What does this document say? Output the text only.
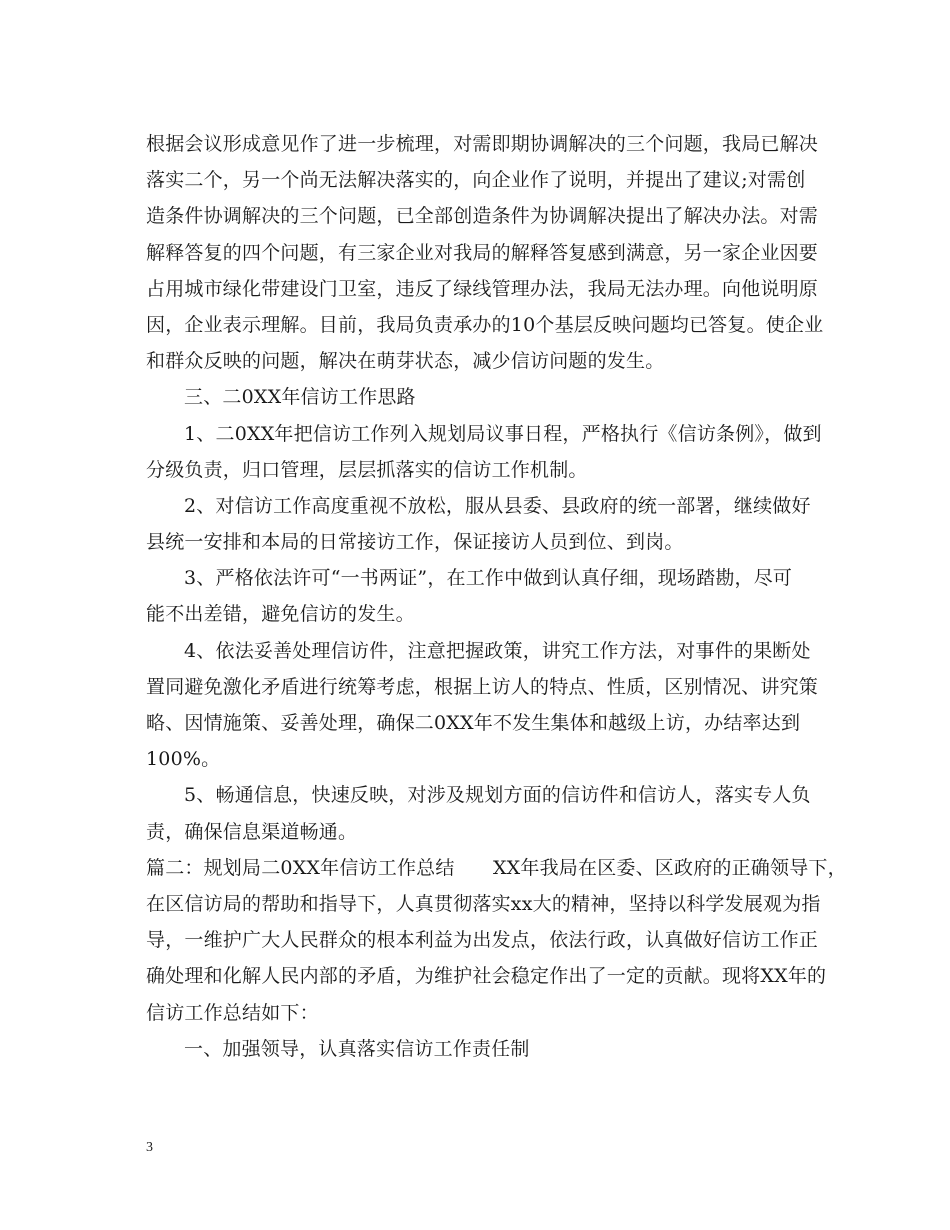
根据会议形成意见作了进一步梳理，对需即期协调解决的三个问题，我局已解决
落实二个，另一个尚无法解决落实的，向企业作了说明，并提出了建议;对需创
造条件协调解决的三个问题，已全部创造条件为协调解决提出了解决办法。对需
解释答复的四个问题，有三家企业对我局的解释答复感到满意，另一家企业因要
占用城市绿化带建设门卫室，违反了绿线管理办法，我局无法办理。向他说明原
因，企业表示理解。目前，我局负责承办的10个基层反映问题均已答复。使企业
和群众反映的问题，解决在萌芽状态，减少信访问题的发生。
三、二0XX年信访工作思路
1、二0XX年把信访工作列入规划局议事日程，严格执行《信访条例》，做到
分级负责，归口管理，层层抓落实的信访工作机制。
2、对信访工作高度重视不放松，服从县委、县政府的统一部署，继续做好
县统一安排和本局的日常接访工作，保证接访人员到位、到岗。
3、严格依法许可“一书两证”，在工作中做到认真仔细，现场踏勘，尽可
能不出差错，避免信访的发生。
4、依法妥善处理信访件，注意把握政策，讲究工作方法，对事件的果断处
置同避免激化矛盾进行统筹考虑，根据上访人的特点、性质，区别情况、讲究策
略、因情施策、妥善处理，确保二0XX年不发生集体和越级上访，办结率达到
100%。
5、畅通信息，快速反映，对涉及规划方面的信访件和信访人，落实专人负
责，确保信息渠道畅通。
篇二：规划局二0XX年信访工作总结　　XX年我局在区委、区政府的正确领导下，
在区信访局的帮助和指导下，人真贯彻落实xx大的精神，坚持以科学发展观为指
导，一维护广大人民群众的根本利益为出发点，依法行政，认真做好信访工作正
确处理和化解人民内部的矛盾，为维护社会稳定作出了一定的贡献。现将XX年的
信访工作总结如下：
一、加强领导，认真落实信访工作责任制
3
